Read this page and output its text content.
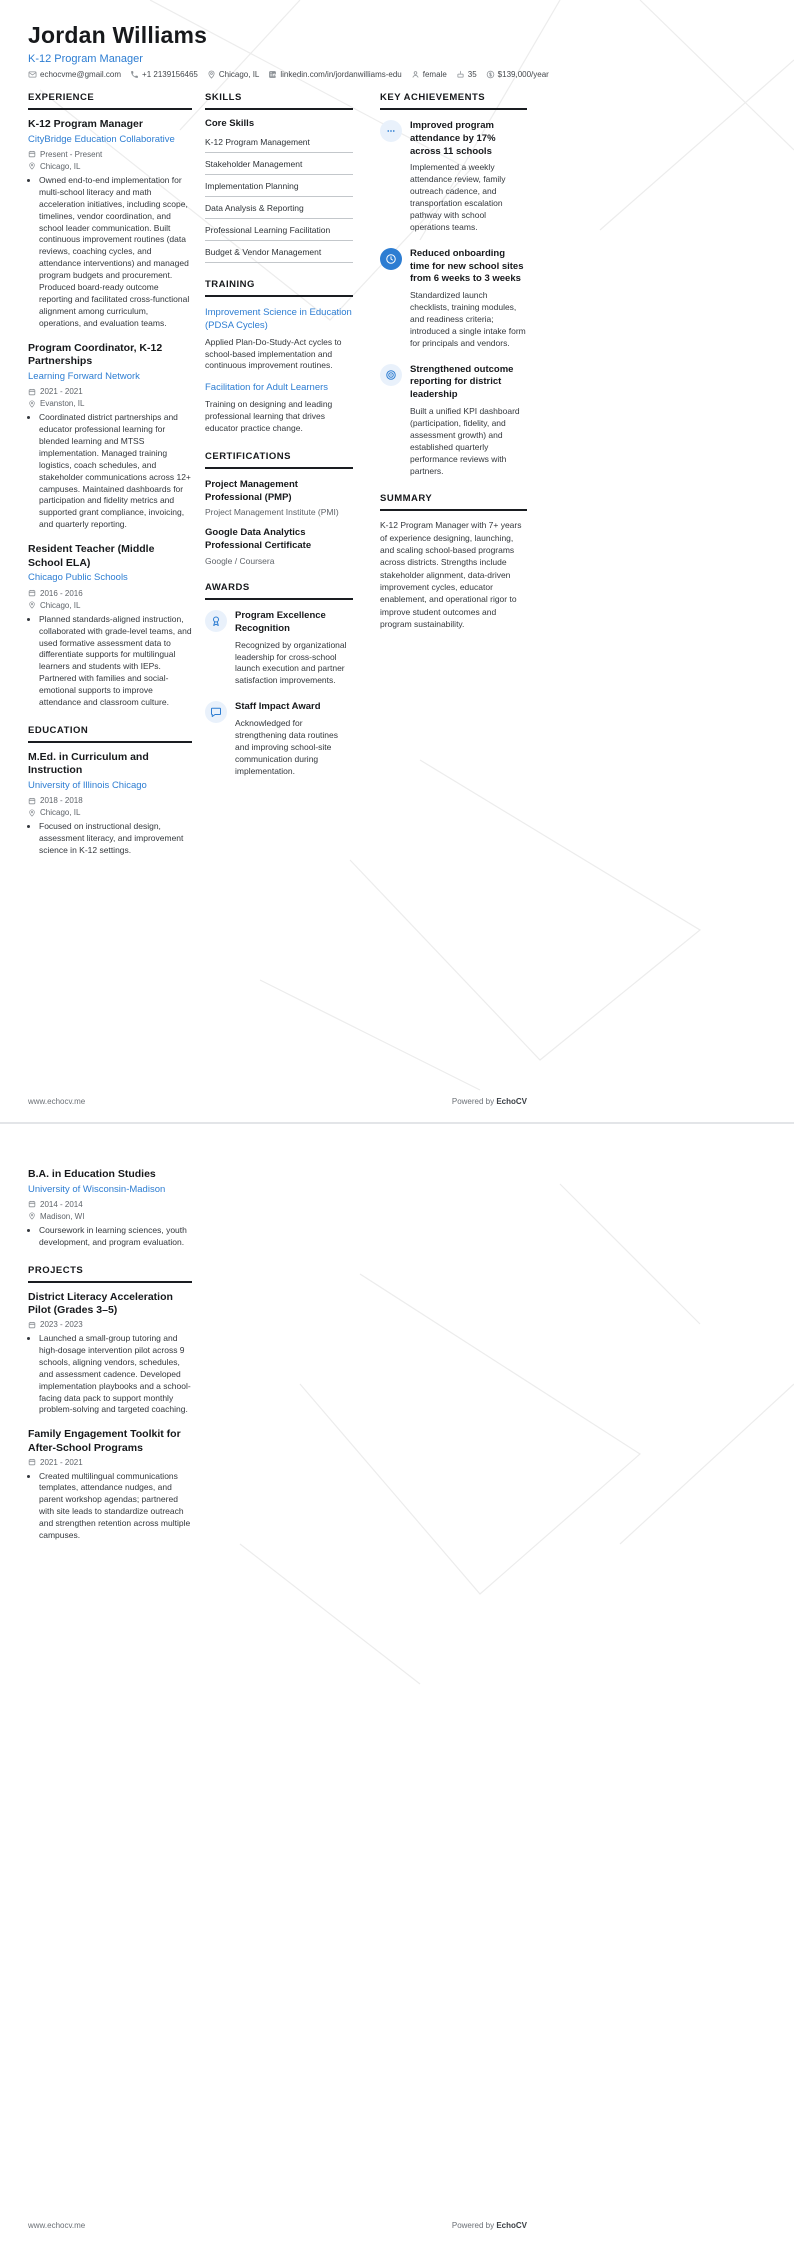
Jordan Williams
K-12 Program Manager
echocvme@gmail.com	+1 2139156465	Chicago, IL	linkedin.com/in/jordanwilliams-edu	female	35	$139,000/year
EXPERIENCE
K-12 Program Manager
CityBridge Education Collaborative
Present - Present
Chicago, IL
• Owned end-to-end implementation for multi-school literacy and math acceleration initiatives, including scope, timelines, vendor coordination, and school leader communication. Built continuous improvement routines (data reviews, coaching cycles, and attendance interventions) and managed program budgets and procurement. Produced board-ready outcome reporting and facilitated cross-functional alignment among curriculum, operations, and evaluation teams.
Program Coordinator, K-12 Partnerships
Learning Forward Network
2021 - 2021
Evanston, IL
• Coordinated district partnerships and educator professional learning for blended learning and MTSS implementation. Managed training logistics, coach schedules, and stakeholder communications across 12+ campuses. Maintained dashboards for participation and fidelity metrics and supported grant compliance, invoicing, and quarterly reporting.
Resident Teacher (Middle School ELA)
Chicago Public Schools
2016 - 2016
Chicago, IL
• Planned standards-aligned instruction, collaborated with grade-level teams, and used formative assessment data to differentiate supports for multilingual learners and students with IEPs. Partnered with families and social-emotional supports to improve attendance and classroom culture.
EDUCATION
M.Ed. in Curriculum and Instruction
University of Illinois Chicago
2018 - 2018
Chicago, IL
• Focused on instructional design, assessment literacy, and improvement science in K-12 settings.
SKILLS
Core Skills
K-12 Program Management
Stakeholder Management
Implementation Planning
Data Analysis & Reporting
Professional Learning Facilitation
Budget & Vendor Management
TRAINING
Improvement Science in Education (PDSA Cycles)
Applied Plan-Do-Study-Act cycles to school-based implementation and continuous improvement routines.
Facilitation for Adult Learners
Training on designing and leading professional learning that drives educator practice change.
CERTIFICATIONS
Project Management Professional (PMP)
Project Management Institute (PMI)
Google Data Analytics Professional Certificate
Google / Coursera
AWARDS
Program Excellence Recognition
Recognized by organizational leadership for cross-school launch execution and partner satisfaction improvements.
Staff Impact Award
Acknowledged for strengthening data routines and improving school-site communication during implementation.
KEY ACHIEVEMENTS
Improved program attendance by 17% across 11 schools
Implemented a weekly attendance review, family outreach cadence, and transportation escalation pathway with school operations teams.
Reduced onboarding time for new school sites from 6 weeks to 3 weeks
Standardized launch checklists, training modules, and readiness criteria; introduced a single intake form for principals and vendors.
Strengthened outcome reporting for district leadership
Built a unified KPI dashboard (participation, fidelity, and assessment growth) and established quarterly performance reviews with partners.
SUMMARY
K-12 Program Manager with 7+ years of experience designing, launching, and scaling school-based programs across districts. Strengths include stakeholder alignment, data-driven improvement cycles, educator enablement, and operational rigor to improve student outcomes and program sustainability.
www.echocv.me	Powered by EchoCV
B.A. in Education Studies
University of Wisconsin-Madison
2014 - 2014
Madison, WI
• Coursework in learning sciences, youth development, and program evaluation.
PROJECTS
District Literacy Acceleration Pilot (Grades 3–5)
2023 - 2023
• Launched a small-group tutoring and high-dosage intervention pilot across 9 schools, aligning vendors, schedules, and assessment cadence. Developed implementation playbooks and a school-facing data pack to support monthly problem-solving and targeted coaching.
Family Engagement Toolkit for After-School Programs
2021 - 2021
• Created multilingual communications templates, attendance nudges, and parent workshop agendas; partnered with site leads to standardize outreach and strengthen retention across multiple campuses.
www.echocv.me	Powered by EchoCV
